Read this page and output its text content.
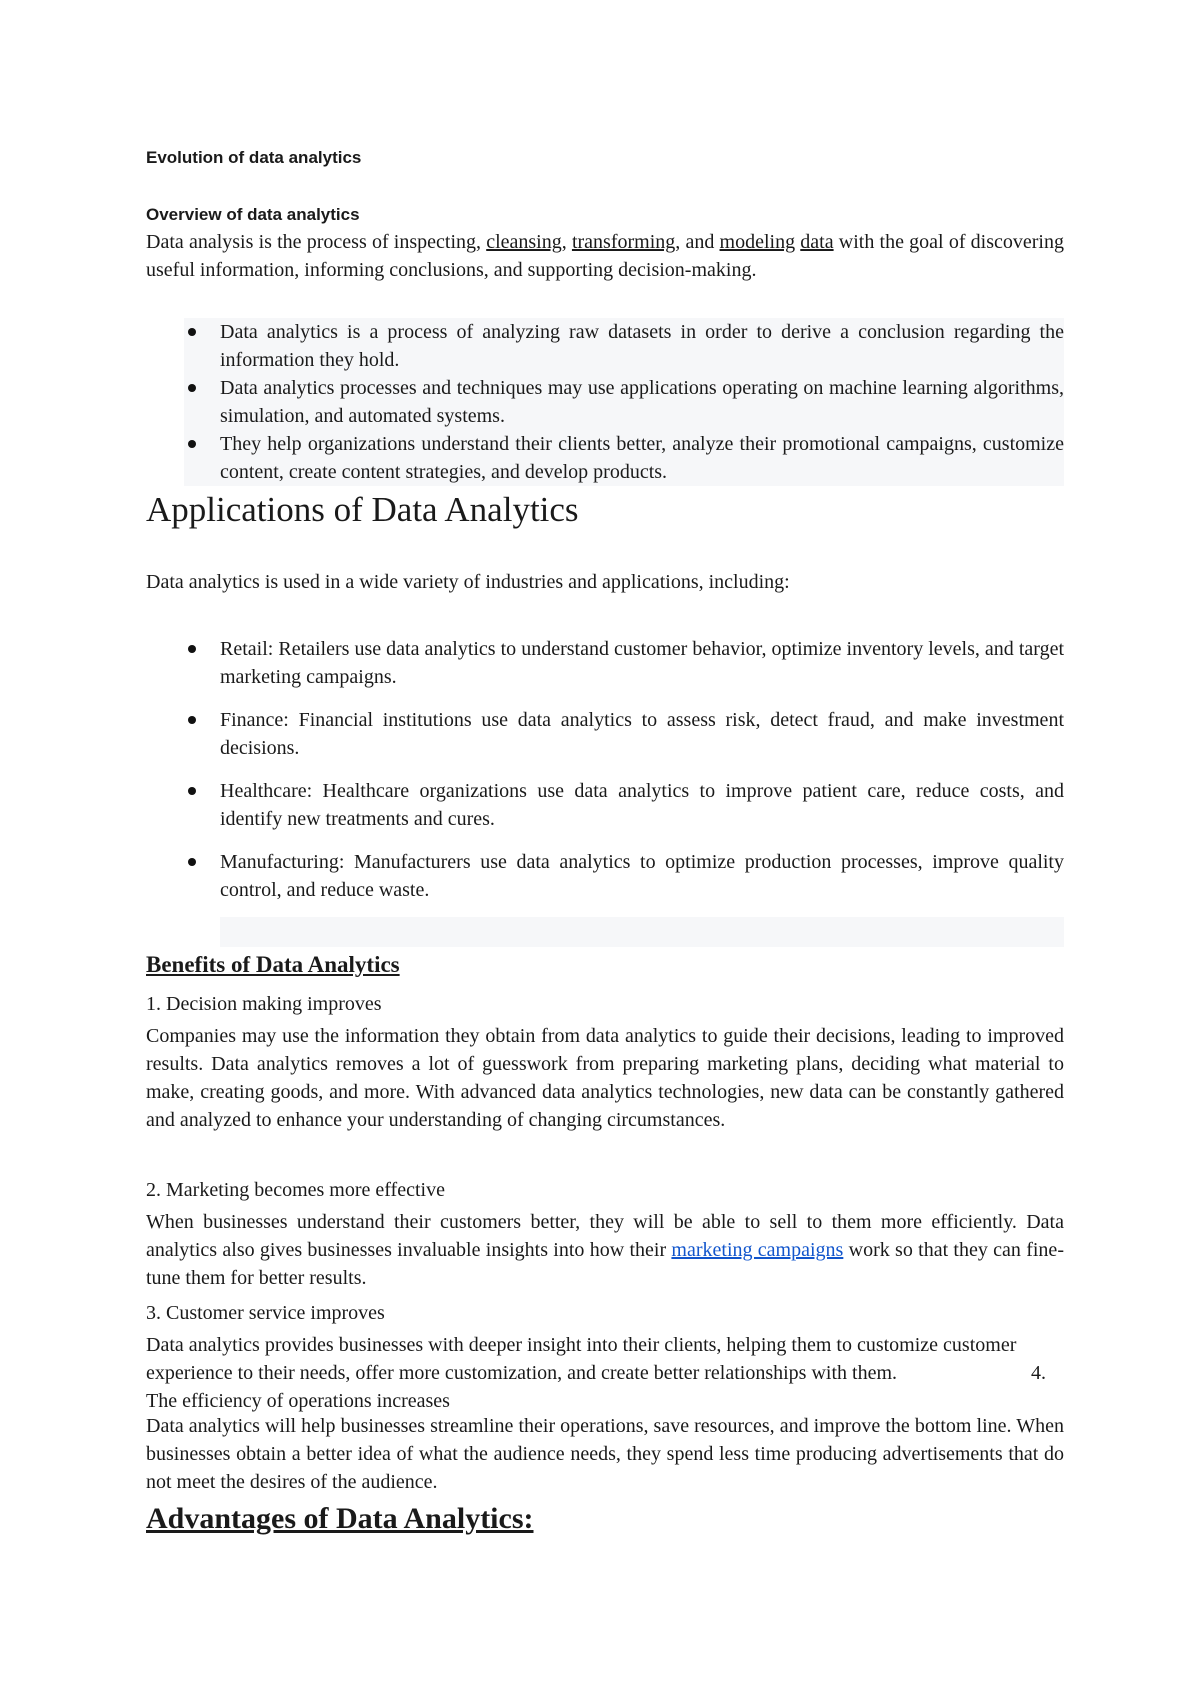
Evolution of data analytics
Overview of data analytics

Data analysis is the process of inspecting, cleansing, transforming, and modeling data with the goal of discovering useful information, informing conclusions, and supporting decision-making.

Data analytics is a process of analyzing raw datasets in order to derive a conclusion regarding the information they hold.
Data analytics processes and techniques may use applications operating on machine learning algorithms, simulation, and automated systems.
They help organizations understand their clients better, analyze their promotional campaigns, customize content, create content strategies, and develop products.
Applications of Data Analytics
Data analytics is used in a wide variety of industries and applications, including:
Retail: Retailers use data analytics to understand customer behavior, optimize inventory levels, and target marketing campaigns.
Finance: Financial institutions use data analytics to assess risk, detect fraud, and make investment decisions.
Healthcare: Healthcare organizations use data analytics to improve patient care, reduce costs, and identify new treatments and cures.
Manufacturing: Manufacturers use data analytics to optimize production processes, improve quality control, and reduce waste.
Benefits of Data Analytics

1. Decision making improves

Companies may use the information they obtain from data analytics to guide their decisions, leading to improved results. Data analytics removes a lot of guesswork from preparing marketing plans, deciding what material to make, creating goods, and more. With advanced data analytics technologies, new data can be constantly gathered and analyzed to enhance your understanding of changing circumstances.

2. Marketing becomes more effective

When businesses understand their customers better, they will be able to sell to them more efficiently. Data analytics also gives businesses invaluable insights into how their marketing campaigns work so that they can fine-tune them for better results.

3. Customer service improves

Data analytics provides businesses with deeper insight into their clients, helping them to customize customer experience to their needs, offer more customization, and create better relationships with them.	4. The efficiency of operations increases

Data analytics will help businesses streamline their operations, save resources, and improve the bottom line. When businesses obtain a better idea of what the audience needs, they spend less time producing advertisements that do not meet the desires of the audience.

Advantages of Data Analytics:
